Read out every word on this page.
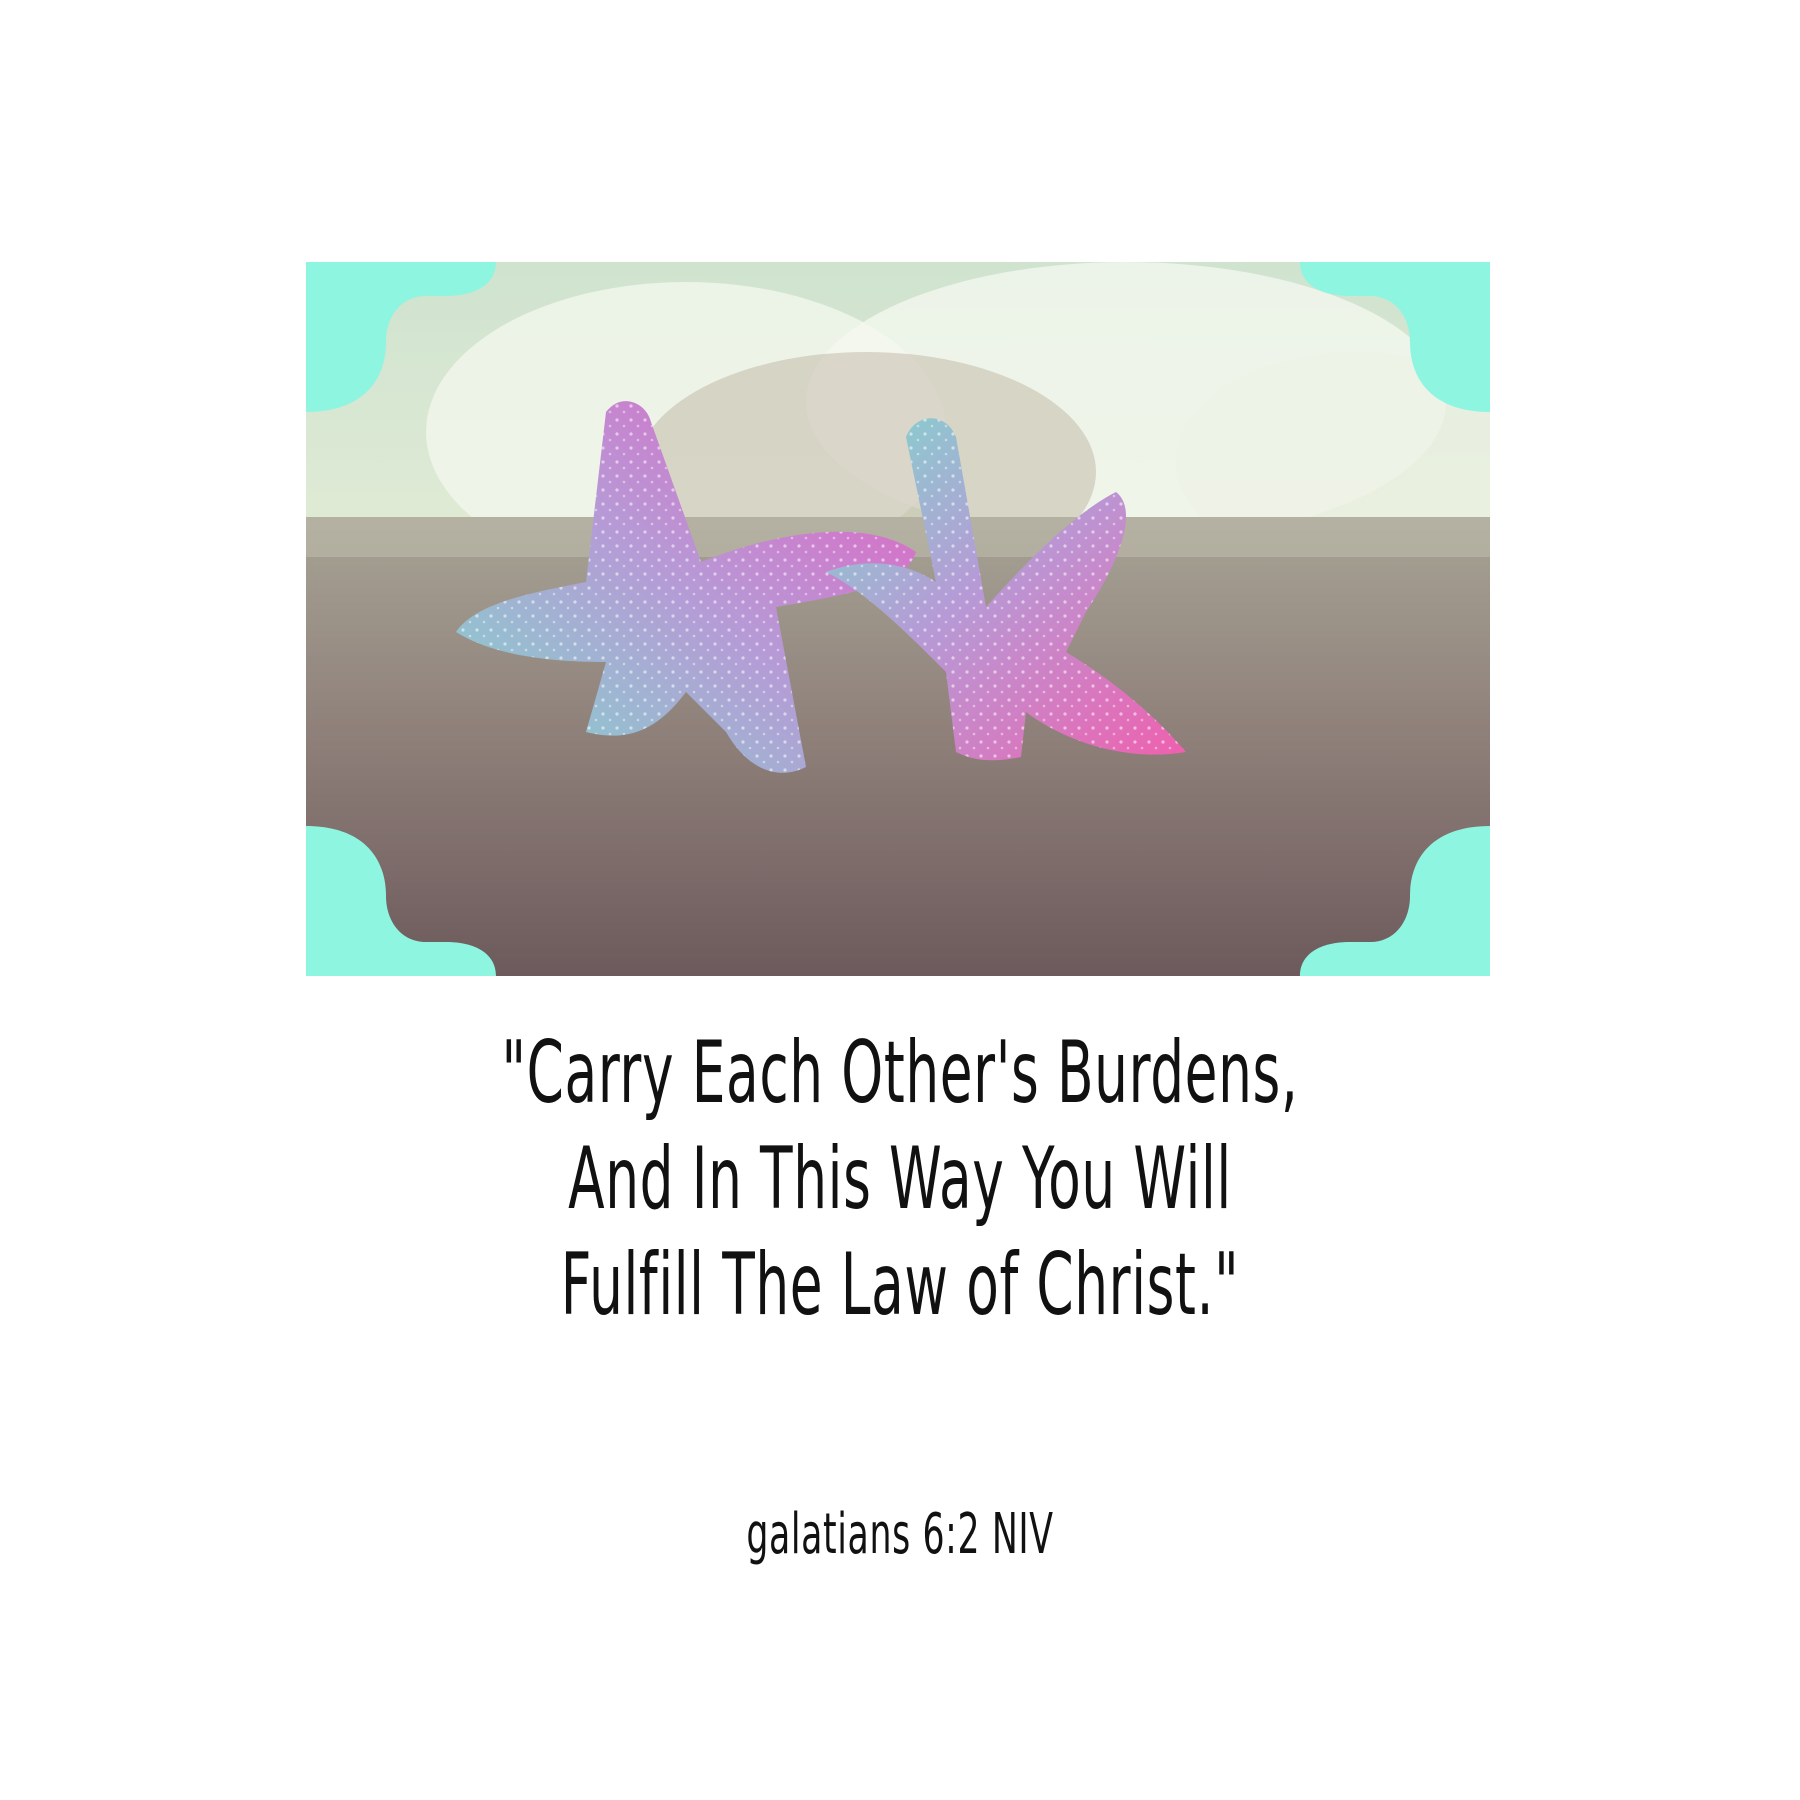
"Carry Each Other's Burdens,
And In This Way You Will
Fulfill The Law of Christ."
galatians 6:2 NIV
